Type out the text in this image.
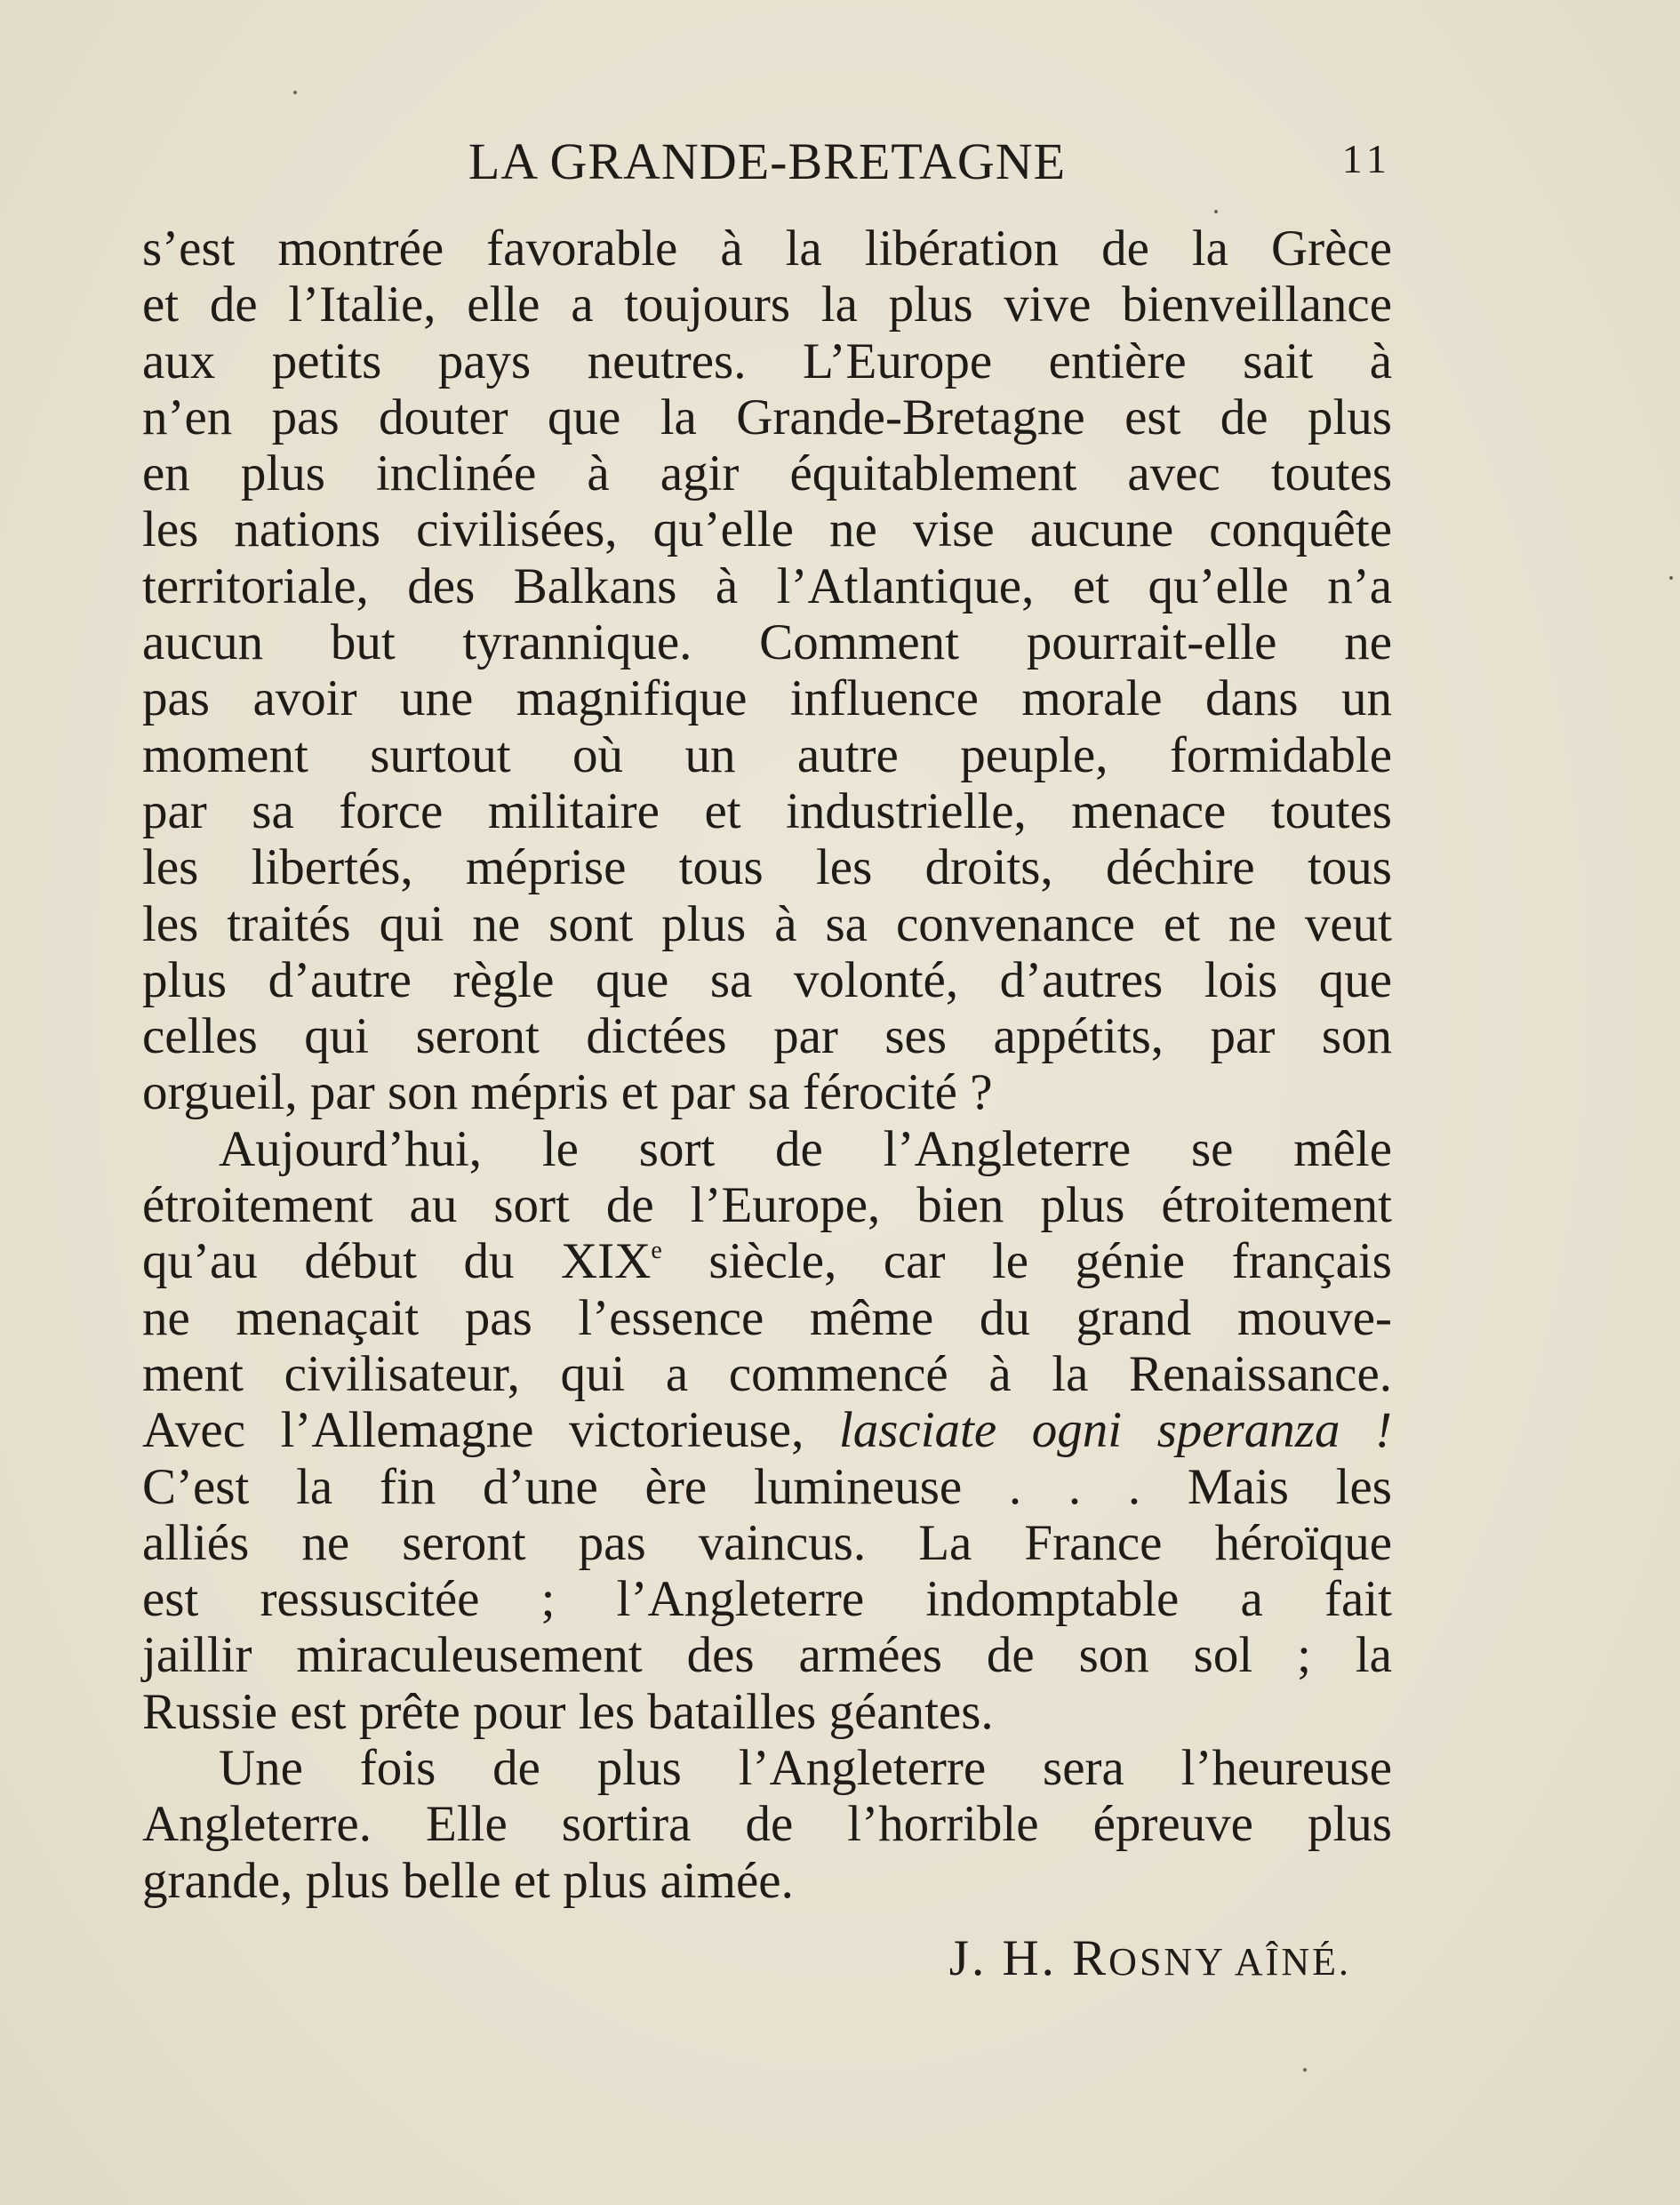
LA GRANDE-BRETAGNE	11
s’est montrée favorable à la libération de la Grèce
et de l’Italie, elle a toujours la plus vive bienveillance
aux petits pays neutres. L’Europe entière sait à
n’en pas douter que la Grande-Bretagne est de plus
en plus inclinée à agir équitablement avec toutes
les nations civilisées, qu’elle ne vise aucune conquête
territoriale, des Balkans à l’Atlantique, et qu’elle n’a
aucun but tyrannique. Comment pourrait-elle ne
pas avoir une magnifique influence morale dans un
moment surtout où un autre peuple, formidable
par sa force militaire et industrielle, menace toutes
les libertés, méprise tous les droits, déchire tous
les traités qui ne sont plus à sa convenance et ne veut
plus d’autre règle que sa volonté, d’autres lois que
celles qui seront dictées par ses appétits, par son
orgueil, par son mépris et par sa férocité ?
Aujourd’hui, le sort de l’Angleterre se mêle
étroitement au sort de l’Europe, bien plus étroitement
qu’au début du XIXe siècle, car le génie français
ne menaçait pas l’essence même du grand mouve-
ment civilisateur, qui a commencé à la Renaissance.
Avec l’Allemagne victorieuse, lasciate ogni speranza !
C’est la fin d’une ère lumineuse . . . Mais les
alliés ne seront pas vaincus. La France héroïque
est ressuscitée ; l’Angleterre indomptable a fait
jaillir miraculeusement des armées de son sol ; la
Russie est prête pour les batailles géantes.
Une fois de plus l’Angleterre sera l’heureuse
Angleterre. Elle sortira de l’horrible épreuve plus
grande, plus belle et plus aimée.
J. H. ROSNY AÎNÉ.
